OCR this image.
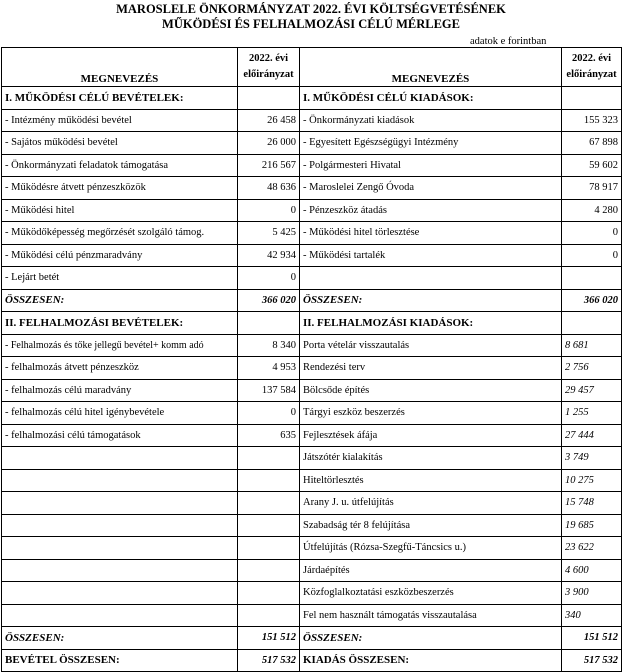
MAROSLELE ÖNKORMÁNYZAT 2022. ÉVI KÖLTSÉGVETÉSÉNEK
MŰKÖDÉSI ÉS FELHALMOZÁSI CÉLÚ MÉRLEGE
adatok e forintban
MEGNEVEZÉS	2022. évi előirányzat	MEGNEVEZÉS	2022. évi előirányzat
I. MŰKÖDÉSI CÉLÚ BEVÉTELEK:		I. MŰKÖDÉSI CÉLÚ KIADÁSOK:	
- Intézmény működési bevétel	26 458	- Önkormányzati kiadások	155 323
- Sajátos működési bevétel	26 000	- Egyesített Egészségügyi Intézmény	67 898
- Önkormányzati feladatok támogatása	216 567	- Polgármesteri Hivatal	59 602
- Működésre átvett pénzeszközök	48 636	- Maroslelei Zengő Óvoda	78 917
- Működési hitel	0	- Pénzeszköz átadás	4 280
- Működőképesség megőrzését szolgáló támog.	5 425	- Működési hitel törlesztése	0
- Működési célú pénzmaradvány	42 934	- Működési tartalék	0
- Lejárt betét	0		
ÖSSZESEN:	366 020	ÖSSZESEN:	366 020
II. FELHALMOZÁSI BEVÉTELEK:		II. FELHALMOZÁSI KIADÁSOK:	
- Felhalmozás és tőke jellegű bevétel+ komm adó	8 340	Porta vételár visszautalás	8 681
- felhalmozás átvett pénzeszköz	4 953	Rendezési terv	2 756
- felhalmozás célú maradvány	137 584	Bölcsőde építés	29 457
- felhalmozás célú hitel igénybevétele	0	Tárgyi eszköz beszerzés	1 255
- felhalmozási célú támogatások	635	Fejlesztések áfája	27 444
		Játszótér kialakítás	3 749
		Hiteltörlesztés	10 275
		Arany J. u. útfelújítás	15 748
		Szabadság tér 8 felújítása	19 685
		Útfelújítás (Rózsa-Szegfű-Táncsics u.)	23 622
		Járdaépítés	4 600
		Közfoglalkoztatási eszközbeszerzés	3 900
		Fel nem használt támogatás visszautalása	340
ÖSSZESEN:	151 512	ÖSSZESEN:	151 512
BEVÉTEL ÖSSZESEN:	517 532	KIADÁS ÖSSZESEN:	517 532
